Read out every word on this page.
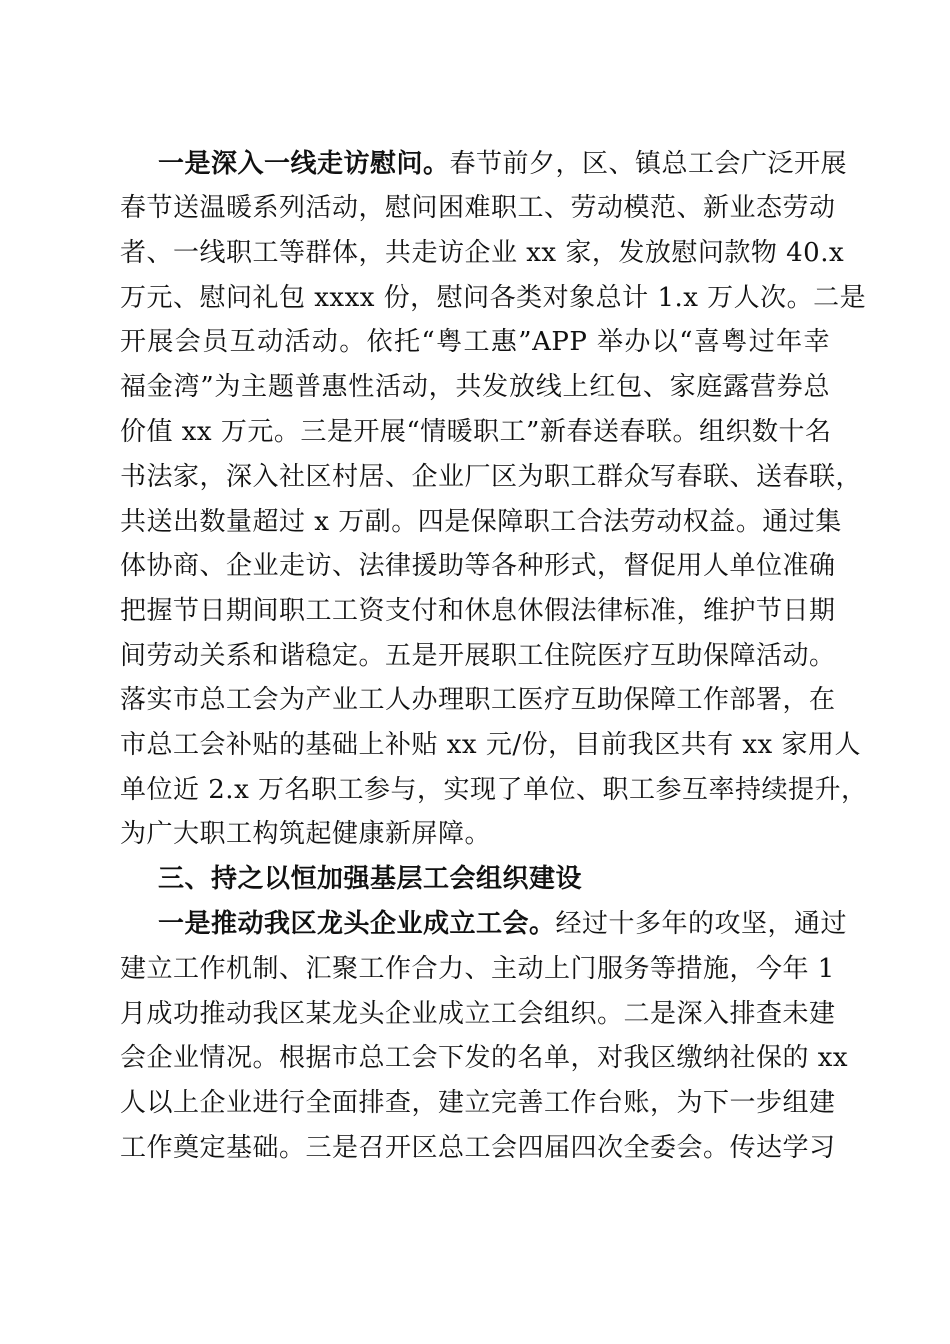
一是深入一线走访慰问。春节前夕，区、镇总工会广泛开展
春节送温暖系列活动，慰问困难职工、劳动模范、新业态劳动
者、一线职工等群体，共走访企业 xx 家，发放慰问款物 40.x
万元、慰问礼包 xxxx 份，慰问各类对象总计 1.x 万人次。二是
开展会员互动活动。依托“粤工惠”APP 举办以“喜粤过年幸
福金湾”为主题普惠性活动，共发放线上红包、家庭露营券总
价值 xx 万元。三是开展“情暖职工”新春送春联。组织数十名
书法家，深入社区村居、企业厂区为职工群众写春联、送春联，
共送出数量超过 x 万副。四是保障职工合法劳动权益。通过集
体协商、企业走访、法律援助等各种形式，督促用人单位准确
把握节日期间职工工资支付和休息休假法律标准，维护节日期
间劳动关系和谐稳定。五是开展职工住院医疗互助保障活动。
落实市总工会为产业工人办理职工医疗互助保障工作部署，在
市总工会补贴的基础上补贴 xx 元/份，目前我区共有 xx 家用人
单位近 2.x 万名职工参与，实现了单位、职工参互率持续提升，
为广大职工构筑起健康新屏障。
三、持之以恒加强基层工会组织建设
一是推动我区龙头企业成立工会。经过十多年的攻坚，通过
建立工作机制、汇聚工作合力、主动上门服务等措施，今年 1
月成功推动我区某龙头企业成立工会组织。二是深入排查未建
会企业情况。根据市总工会下发的名单，对我区缴纳社保的 xx
人以上企业进行全面排查，建立完善工作台账，为下一步组建
工作奠定基础。三是召开区总工会四届四次全委会。传达学习
